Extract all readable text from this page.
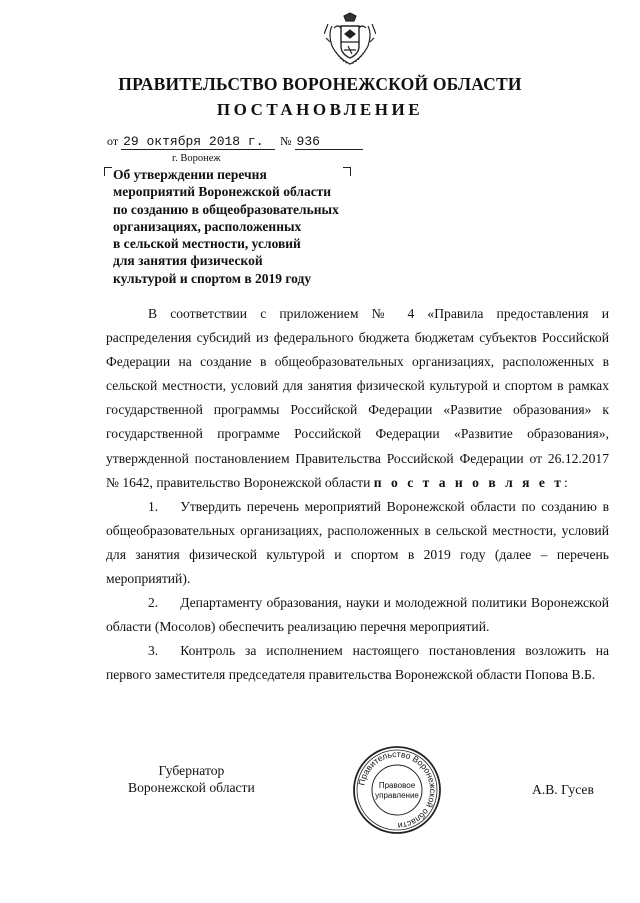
ПРАВИТЕЛЬСТВО ВОРОНЕЖСКОЙ ОБЛАСТИ
ПОСТАНОВЛЕНИЕ
от 29 октября 2018 г. № 936
г. Воронеж
Об утверждении перечня
мероприятий Воронежской области
по созданию в общеобразовательных
организациях, расположенных
в сельской местности, условий
для занятия физической
культурой и спортом в 2019 году

В соответствии с приложением № 4 «Правила предоставления и распределения субсидий из федерального бюджета бюджетам субъектов Российской Федерации на создание в общеобразовательных организациях, расположенных в сельской местности, условий для занятия физической культурой и спортом в рамках государственной программы Российской Федерации «Развитие образования» к государственной программе Российской Федерации «Развитие образования», утвержденной постановлением Правительства Российской Федерации от 26.12.2017 № 1642, правительство Воронежской области п о с т а н о в л я е т:

1. Утвердить перечень мероприятий Воронежской области по созданию в общеобразовательных организациях, расположенных в сельской местности, условий для занятия физической культурой и спортом в 2019 году (далее – перечень мероприятий).

2. Департаменту образования, науки и молодежной политики Воронежской области (Мосолов) обеспечить реализацию перечня мероприятий.

3. Контроль за исполнением настоящего постановления возложить на первого заместителя председателя правительства Воронежской области Попова В.Б.

Губернатор
Воронежской области	Правительство Воронежской области
Правовое
управление	А.В. Гусев
